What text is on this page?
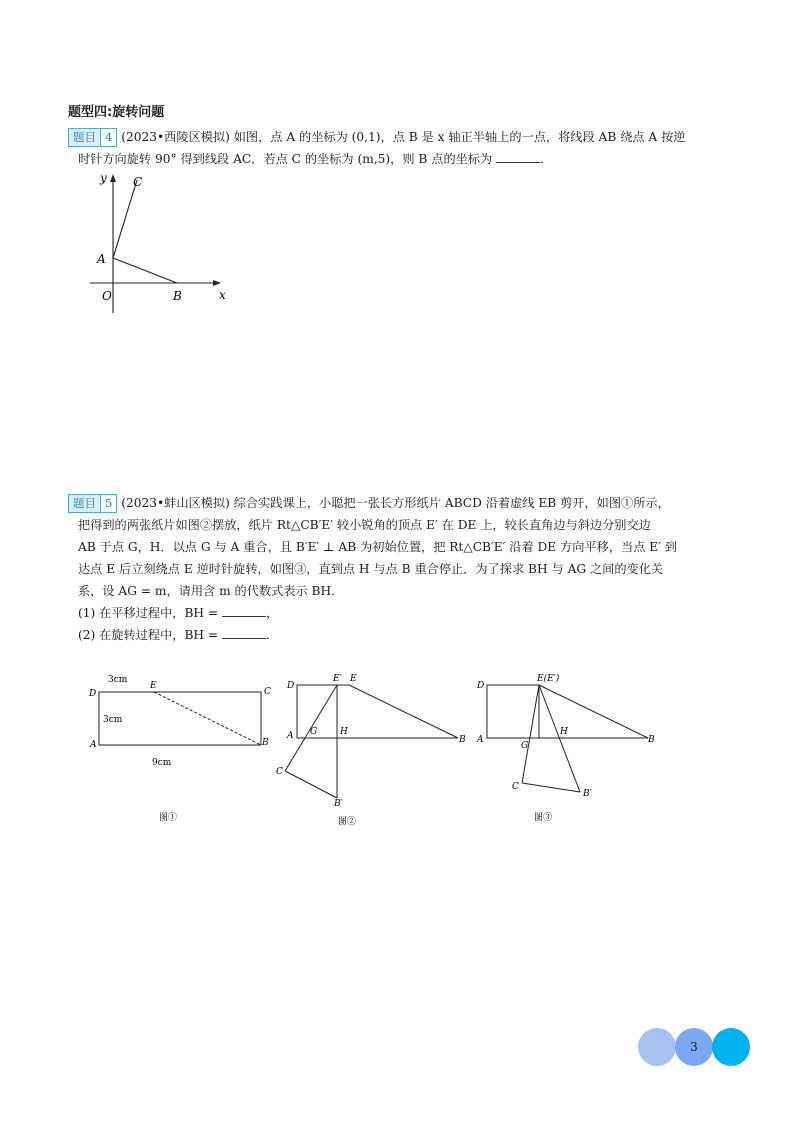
题型四:旋转问题
题目 4 (2023•西陵区模拟) 如图，点 A 的坐标为 (0,1)，点 B 是 x 轴正半轴上的一点，将线段 AB 绕点 A 按逆
时针方向旋转 90° 得到线段 AC．若点 C 的坐标为 (m,5)，则 B 点的坐标为	.
y C
A
O	B	x
题目 5 (2023•蚌山区模拟) 综合实践课上，小聪把一张长方形纸片 ABCD 沿着虚线 EB 剪开，如图①所示，
把得到的两张纸片如图②摆放，纸片 Rt△CB′E′ 较小锐角的顶点 E′ 在 DE 上，较长直角边与斜边分别交边
AB 于点 G，H．以点 G 与 A 重合，且 B′E′ ⊥ AB 为初始位置，把 Rt△CB′E′ 沿着 DE 方向平移，当点 E′ 到
达点 E 后立刻绕点 E 逆时针旋转，如图③，直到点 H 与点 B 重合停止．为了探求 BH 与 AG 之间的变化关
系，设 AG = m，请用含 m 的代数式表示 BH.
(1) 在平移过程中，BH =	，
(2) 在旋转过程中，BH =	.
3cm
3cm
9cm
D
E
C
A	B
图①
D
E′ E
A G	H
B
C
B′
图②
D
E(E′)
A
G
H
B
C
B′
图③
3
